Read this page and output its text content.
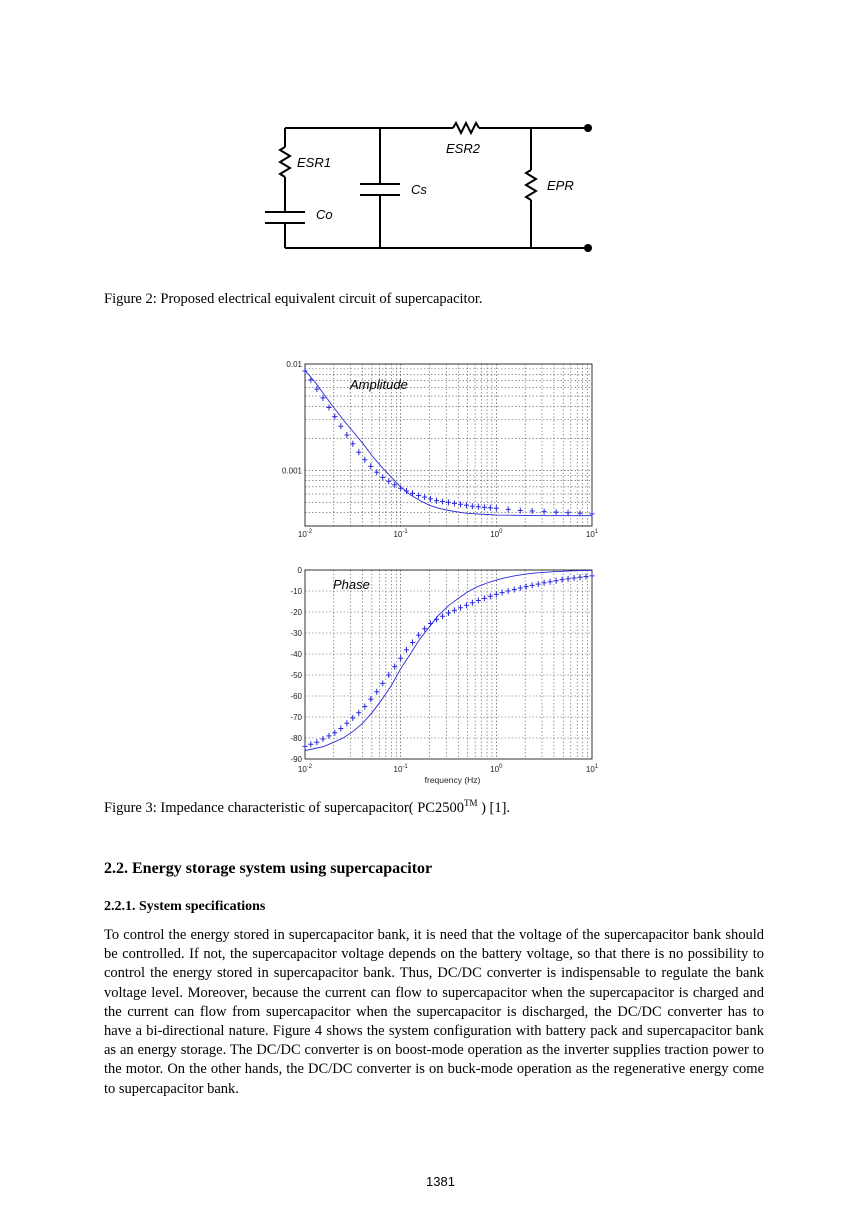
ESR1
ESR2
Cs
Co
EPR
Figure 2: Proposed electrical equivalent circuit of supercapacitor.
$10^{-2}$	$10^{-1}$	$10^0$	$10^1$
0.01
0.001
Amplitude
$10^{-2}$	$10^{-1}$	$10^0$	$10^1$
0
-10
-20
-30
-40
-50
-60
-70
-80
-90
Phase
frequency (Hz)
Figure 3: Impedance characteristic of supercapacitor( PC2500™ ) [1].
2.2. Energy storage system using supercapacitor
2.2.1. System specifications
To control the energy stored in supercapacitor bank, it is need that the voltage of the supercapacitor bank should be controlled. If not, the supercapacitor voltage depends on the battery voltage, so that there is no possibility to control the energy stored in supercapacitor bank. Thus, DC/DC converter is indispensable to regulate the bank voltage level. Moreover, because the current can flow to supercapacitor when the supercapacitor is charged and the current can flow from supercapacitor when the supercapacitor is discharged, the DC/DC converter has to have a bi-directional nature. Figure 4 shows the system configuration with battery pack and supercapacitor bank as an energy storage. The DC/DC converter is on boost-mode operation as the inverter supplies traction power to the motor. On the other hands, the DC/DC converter is on buck-mode operation as the regenerative energy come to supercapacitor bank.
1381
